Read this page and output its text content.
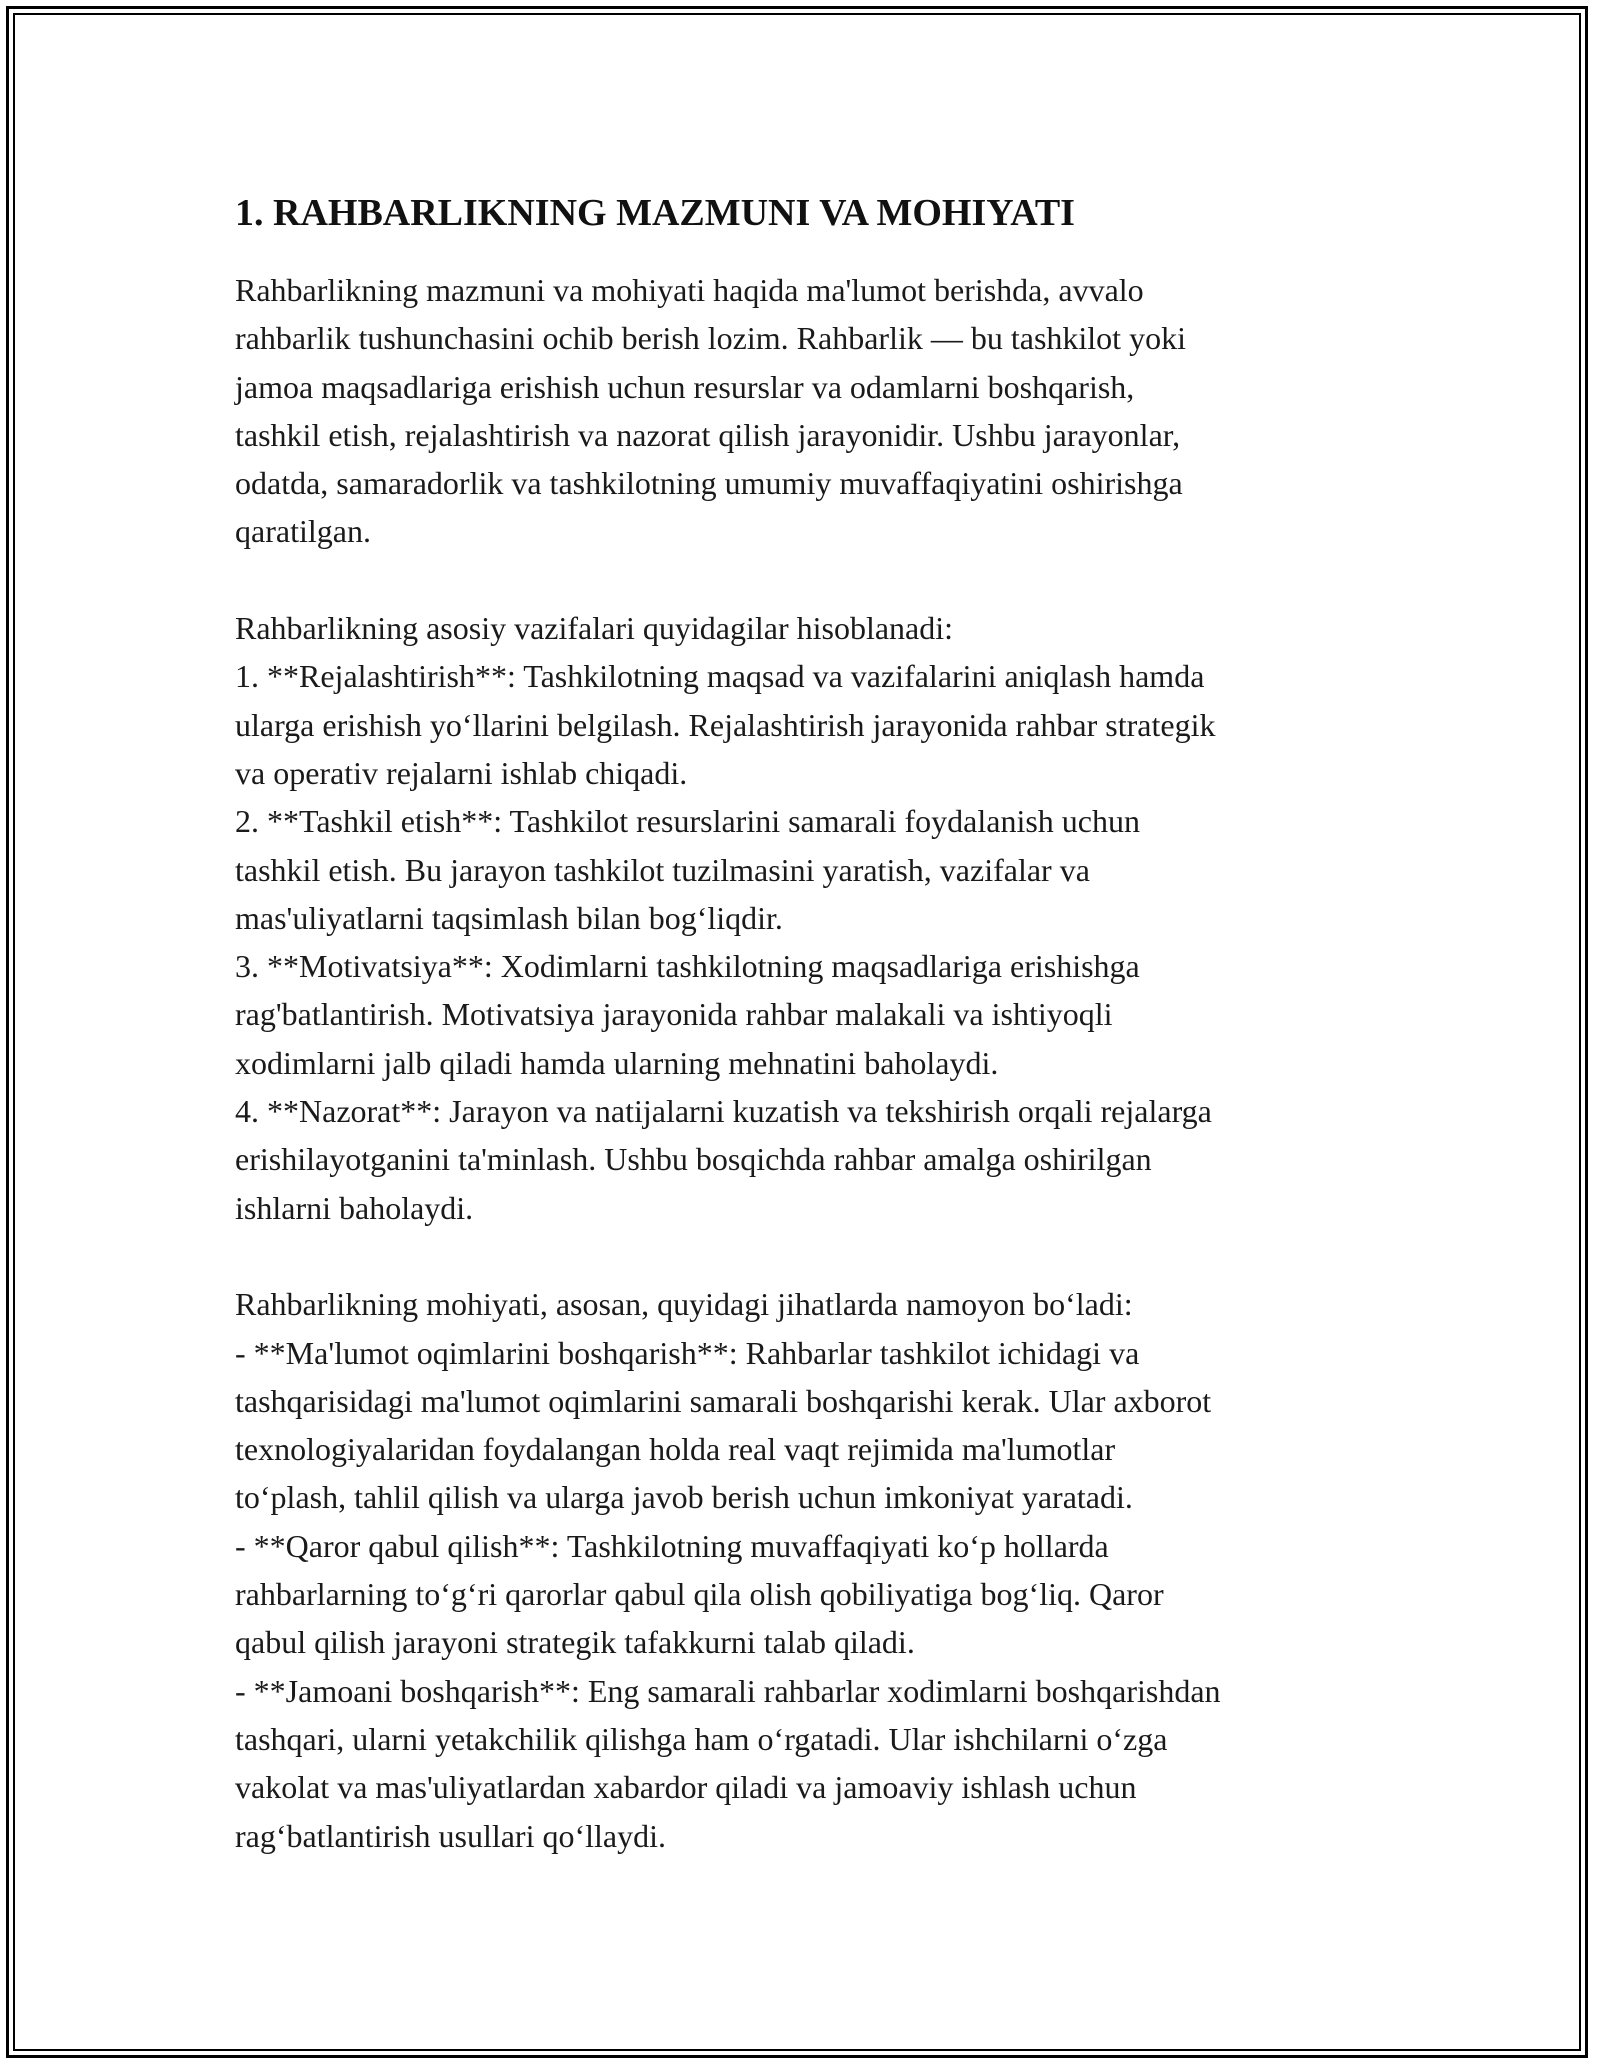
1. RAHBARLIKNING MAZMUNI VA MOHIYATI
Rahbarlikning mazmuni va mohiyati haqida ma'lumot berishda, avvalo
rahbarlik tushunchasini ochib berish lozim. Rahbarlik — bu tashkilot yoki
jamoa maqsadlariga erishish uchun resurslar va odamlarni boshqarish,
tashkil etish, rejalashtirish va nazorat qilish jarayonidir. Ushbu jarayonlar,
odatda, samaradorlik va tashkilotning umumiy muvaffaqiyatini oshirishga
qaratilgan.
Rahbarlikning asosiy vazifalari quyidagilar hisoblanadi:
1. **Rejalashtirish**: Tashkilotning maqsad va vazifalarini aniqlash hamda
ularga erishish yo‘llarini belgilash. Rejalashtirish jarayonida rahbar strategik
va operativ rejalarni ishlab chiqadi.
2. **Tashkil etish**: Tashkilot resurslarini samarali foydalanish uchun
tashkil etish. Bu jarayon tashkilot tuzilmasini yaratish, vazifalar va
mas'uliyatlarni taqsimlash bilan bog‘liqdir.
3. **Motivatsiya**: Xodimlarni tashkilotning maqsadlariga erishishga
rag'batlantirish. Motivatsiya jarayonida rahbar malakali va ishtiyoqli
xodimlarni jalb qiladi hamda ularning mehnatini baholaydi.
4. **Nazorat**: Jarayon va natijalarni kuzatish va tekshirish orqali rejalarga
erishilayotganini ta'minlash. Ushbu bosqichda rahbar amalga oshirilgan
ishlarni baholaydi.
Rahbarlikning mohiyati, asosan, quyidagi jihatlarda namoyon bo‘ladi:
- **Ma'lumot oqimlarini boshqarish**: Rahbarlar tashkilot ichidagi va
tashqarisidagi ma'lumot oqimlarini samarali boshqarishi kerak. Ular axborot
texnologiyalaridan foydalangan holda real vaqt rejimida ma'lumotlar
to‘plash, tahlil qilish va ularga javob berish uchun imkoniyat yaratadi.
- **Qaror qabul qilish**: Tashkilotning muvaffaqiyati ko‘p hollarda
rahbarlarning to‘g‘ri qarorlar qabul qila olish qobiliyatiga bog‘liq. Qaror
qabul qilish jarayoni strategik tafakkurni talab qiladi.
- **Jamoani boshqarish**: Eng samarali rahbarlar xodimlarni boshqarishdan
tashqari, ularni yetakchilik qilishga ham o‘rgatadi. Ular ishchilarni o‘zga
vakolat va mas'uliyatlardan xabardor qiladi va jamoaviy ishlash uchun
rag‘batlantirish usullari qo‘llaydi.
